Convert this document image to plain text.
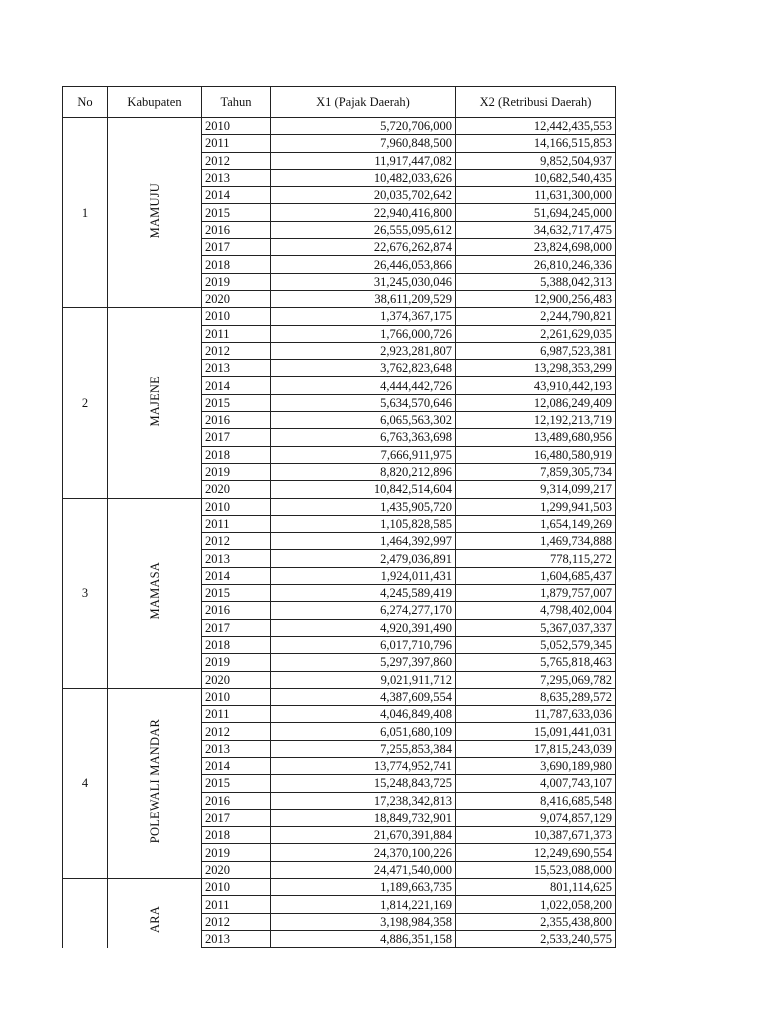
No	Kabupaten	Tahun	X1 (Pajak Daerah)	X2 (Retribusi Daerah)
1	MAMUJU	2010	5,720,706,000	12,442,435,553
		2011	7,960,848,500	14,166,515,853
		2012	11,917,447,082	9,852,504,937
		2013	10,482,033,626	10,682,540,435
		2014	20,035,702,642	11,631,300,000
		2015	22,940,416,800	51,694,245,000
		2016	26,555,095,612	34,632,717,475
		2017	22,676,262,874	23,824,698,000
		2018	26,446,053,866	26,810,246,336
		2019	31,245,030,046	5,388,042,313
		2020	38,611,209,529	12,900,256,483
2	MAJENE	2010	1,374,367,175	2,244,790,821
		2011	1,766,000,726	2,261,629,035
		2012	2,923,281,807	6,987,523,381
		2013	3,762,823,648	13,298,353,299
		2014	4,444,442,726	43,910,442,193
		2015	5,634,570,646	12,086,249,409
		2016	6,065,563,302	12,192,213,719
		2017	6,763,363,698	13,489,680,956
		2018	7,666,911,975	16,480,580,919
		2019	8,820,212,896	7,859,305,734
		2020	10,842,514,604	9,314,099,217
3	MAMASA	2010	1,435,905,720	1,299,941,503
		2011	1,105,828,585	1,654,149,269
		2012	1,464,392,997	1,469,734,888
		2013	2,479,036,891	778,115,272
		2014	1,924,011,431	1,604,685,437
		2015	4,245,589,419	1,879,757,007
		2016	6,274,277,170	4,798,402,004
		2017	4,920,391,490	5,367,037,337
		2018	6,017,710,796	5,052,579,345
		2019	5,297,397,860	5,765,818,463
		2020	9,021,911,712	7,295,069,782
4	POLEWALI MANDAR	2010	4,387,609,554	8,635,289,572
		2011	4,046,849,408	11,787,633,036
		2012	6,051,680,109	15,091,441,031
		2013	7,255,853,384	17,815,243,039
		2014	13,774,952,741	3,690,189,980
		2015	15,248,843,725	4,007,743,107
		2016	17,238,342,813	8,416,685,548
		2017	18,849,732,901	9,074,857,129
		2018	21,670,391,884	10,387,671,373
		2019	24,370,100,226	12,249,690,554
		2020	24,471,540,000	15,523,088,000
	ARA	2010	1,189,663,735	801,114,625
		2011	1,814,221,169	1,022,058,200
		2012	3,198,984,358	2,355,438,800
		2013	4,886,351,158	2,533,240,575
